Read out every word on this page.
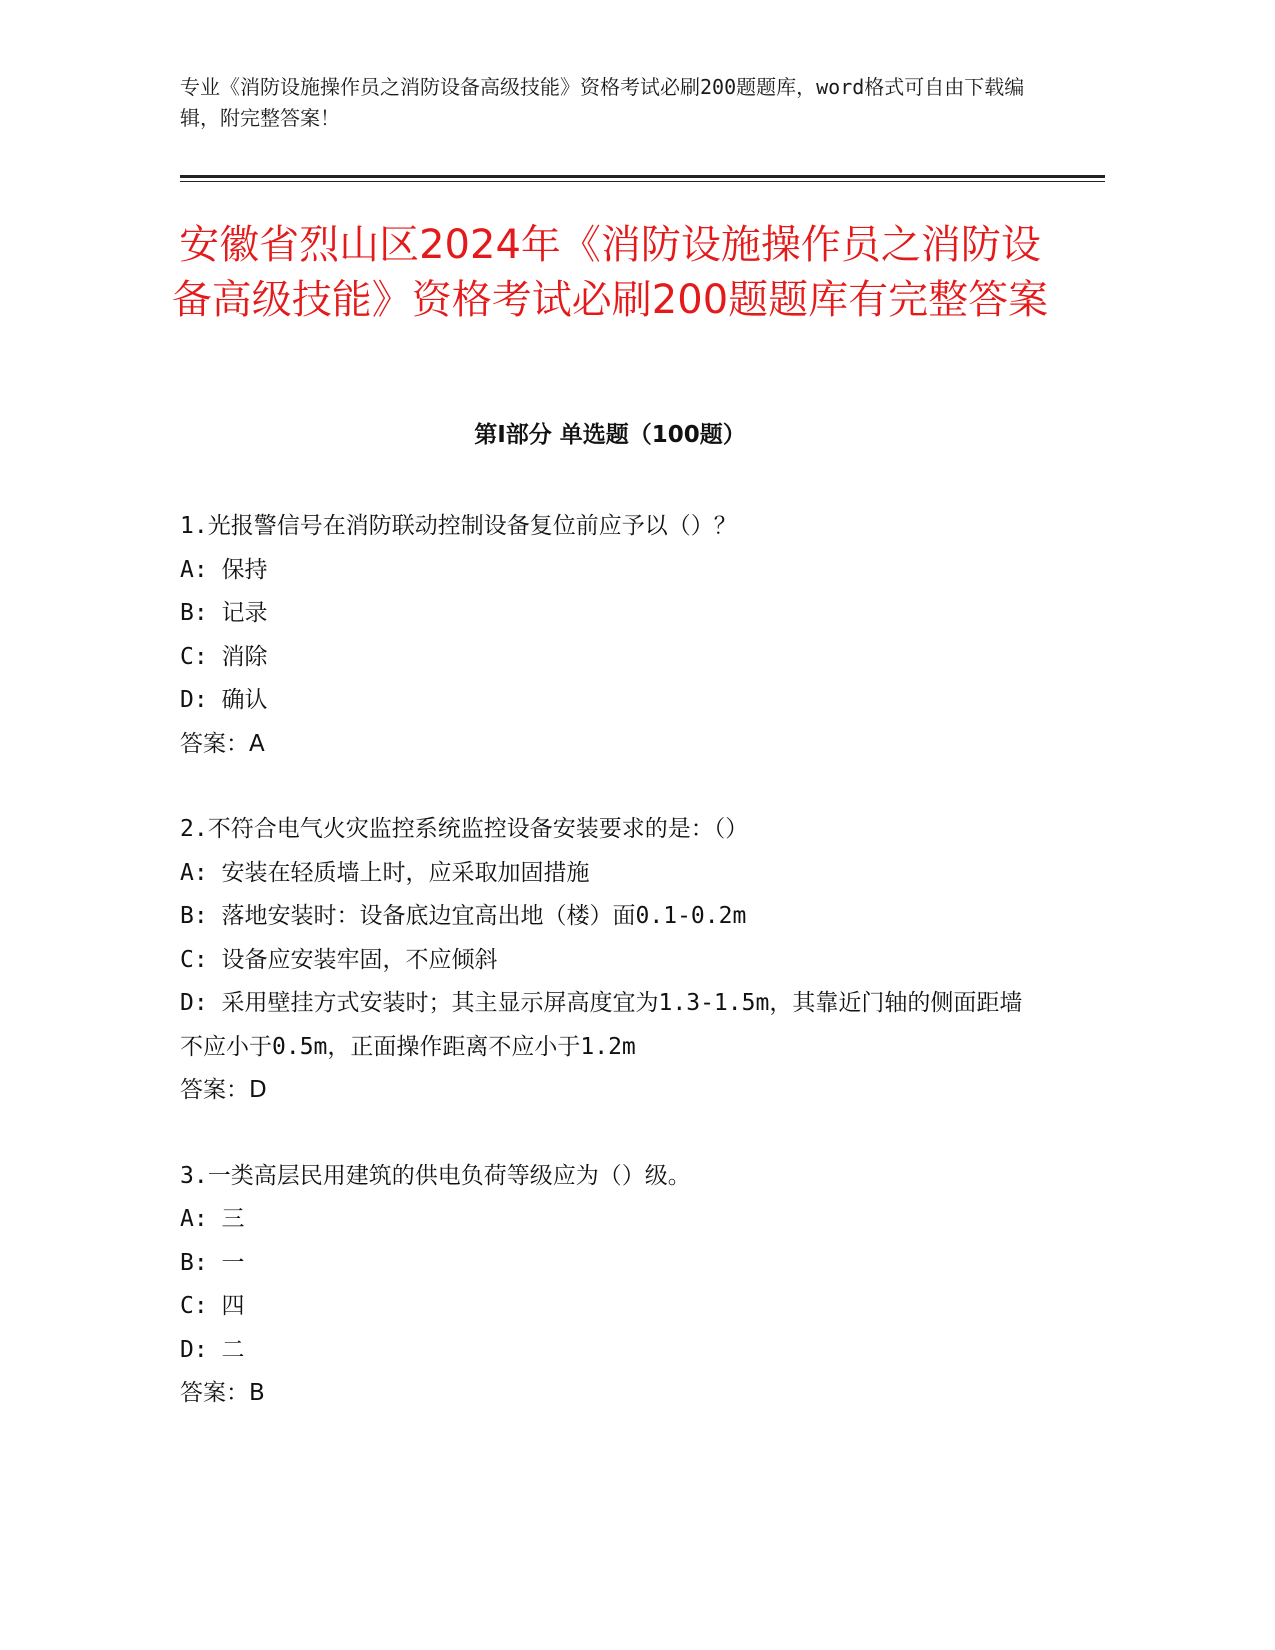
专业《消防设施操作员之消防设备高级技能》资格考试必刷200题题库，word格式可自由下载编辑，附完整答案！
安徽省烈山区2024年《消防设施操作员之消防设备高级技能》资格考试必刷200题题库有完整答案
第Ⅰ部分 单选题（100题）
1.光报警信号在消防联动控制设备复位前应予以（）？
A: 保持
B: 记录
C: 消除
D: 确认
答案：A
2.不符合电气火灾监控系统监控设备安装要求的是：（）
A: 安装在轻质墙上时，应采取加固措施
B: 落地安装时：设备底边宜高出地（楼）面0.1-0.2m
C: 设备应安装牢固，不应倾斜
D: 采用壁挂方式安装时；其主显示屏高度宜为1.3-1.5m，其靠近门轴的侧面距墙不应小于0.5m，正面操作距离不应小于1.2m
答案：D
3.一类高层民用建筑的供电负荷等级应为（）级。
A: 三
B: 一
C: 四
D: 二
答案：B
